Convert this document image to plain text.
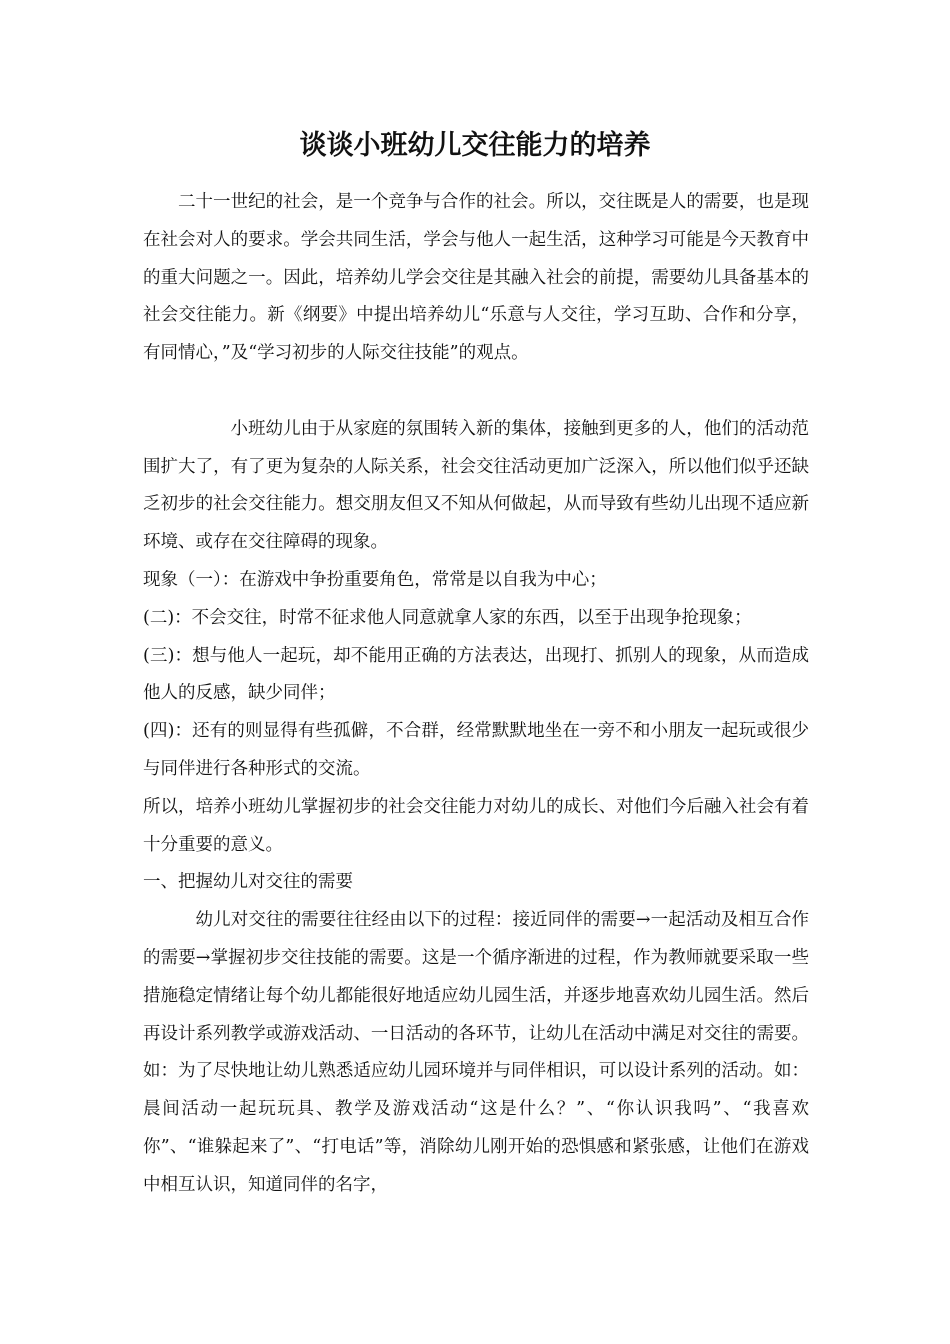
谈谈小班幼儿交往能力的培养

二十一世纪的社会，是一个竞争与合作的社会。所以，交往既是人的需要，也是现在社会对人的要求。学会共同生活，学会与他人一起生活，这种学习可能是今天教育中的重大问题之一。因此，培养幼儿学会交往是其融入社会的前提，需要幼儿具备基本的社会交往能力。新《纲要》中提出培养幼儿“乐意与人交往，学习互助、合作和分享，有同情心，”及“学习初步的人际交往技能”的观点。

小班幼儿由于从家庭的氛围转入新的集体，接触到更多的人，他们的活动范围扩大了，有了更为复杂的人际关系，社会交往活动更加广泛深入，所以他们似乎还缺乏初步的社会交往能力。想交朋友但又不知从何做起，从而导致有些幼儿出现不适应新环境、或存在交往障碍的现象。

现象（一）：在游戏中争扮重要角色，常常是以自我为中心；

(二)：不会交往，时常不征求他人同意就拿人家的东西，以至于出现争抢现象；

(三)：想与他人一起玩，却不能用正确的方法表达，出现打、抓别人的现象，从而造成他人的反感，缺少同伴；

(四)：还有的则显得有些孤僻，不合群，经常默默地坐在一旁不和小朋友一起玩或很少与同伴进行各种形式的交流。

所以，培养小班幼儿掌握初步的社会交往能力对幼儿的成长、对他们今后融入社会有着十分重要的意义。

一、把握幼儿对交往的需要

幼儿对交往的需要往往经由以下的过程：接近同伴的需要→一起活动及相互合作的需要→掌握初步交往技能的需要。这是一个循序渐进的过程，作为教师就要采取一些措施稳定情绪让每个幼儿都能很好地适应幼儿园生活，并逐步地喜欢幼儿园生活。然后再设计系列教学或游戏活动、一日活动的各环节，让幼儿在活动中满足对交往的需要。如：为了尽快地让幼儿熟悉适应幼儿园环境并与同伴相识，可以设计系列的活动。如：晨间活动一起玩玩具、教学及游戏活动“这是什么？”、“你认识我吗”、“我喜欢你”、“谁躲起来了”、“打电话”等，消除幼儿刚开始的恐惧感和紧张感，让他们在游戏中相互认识，知道同伴的名字，
